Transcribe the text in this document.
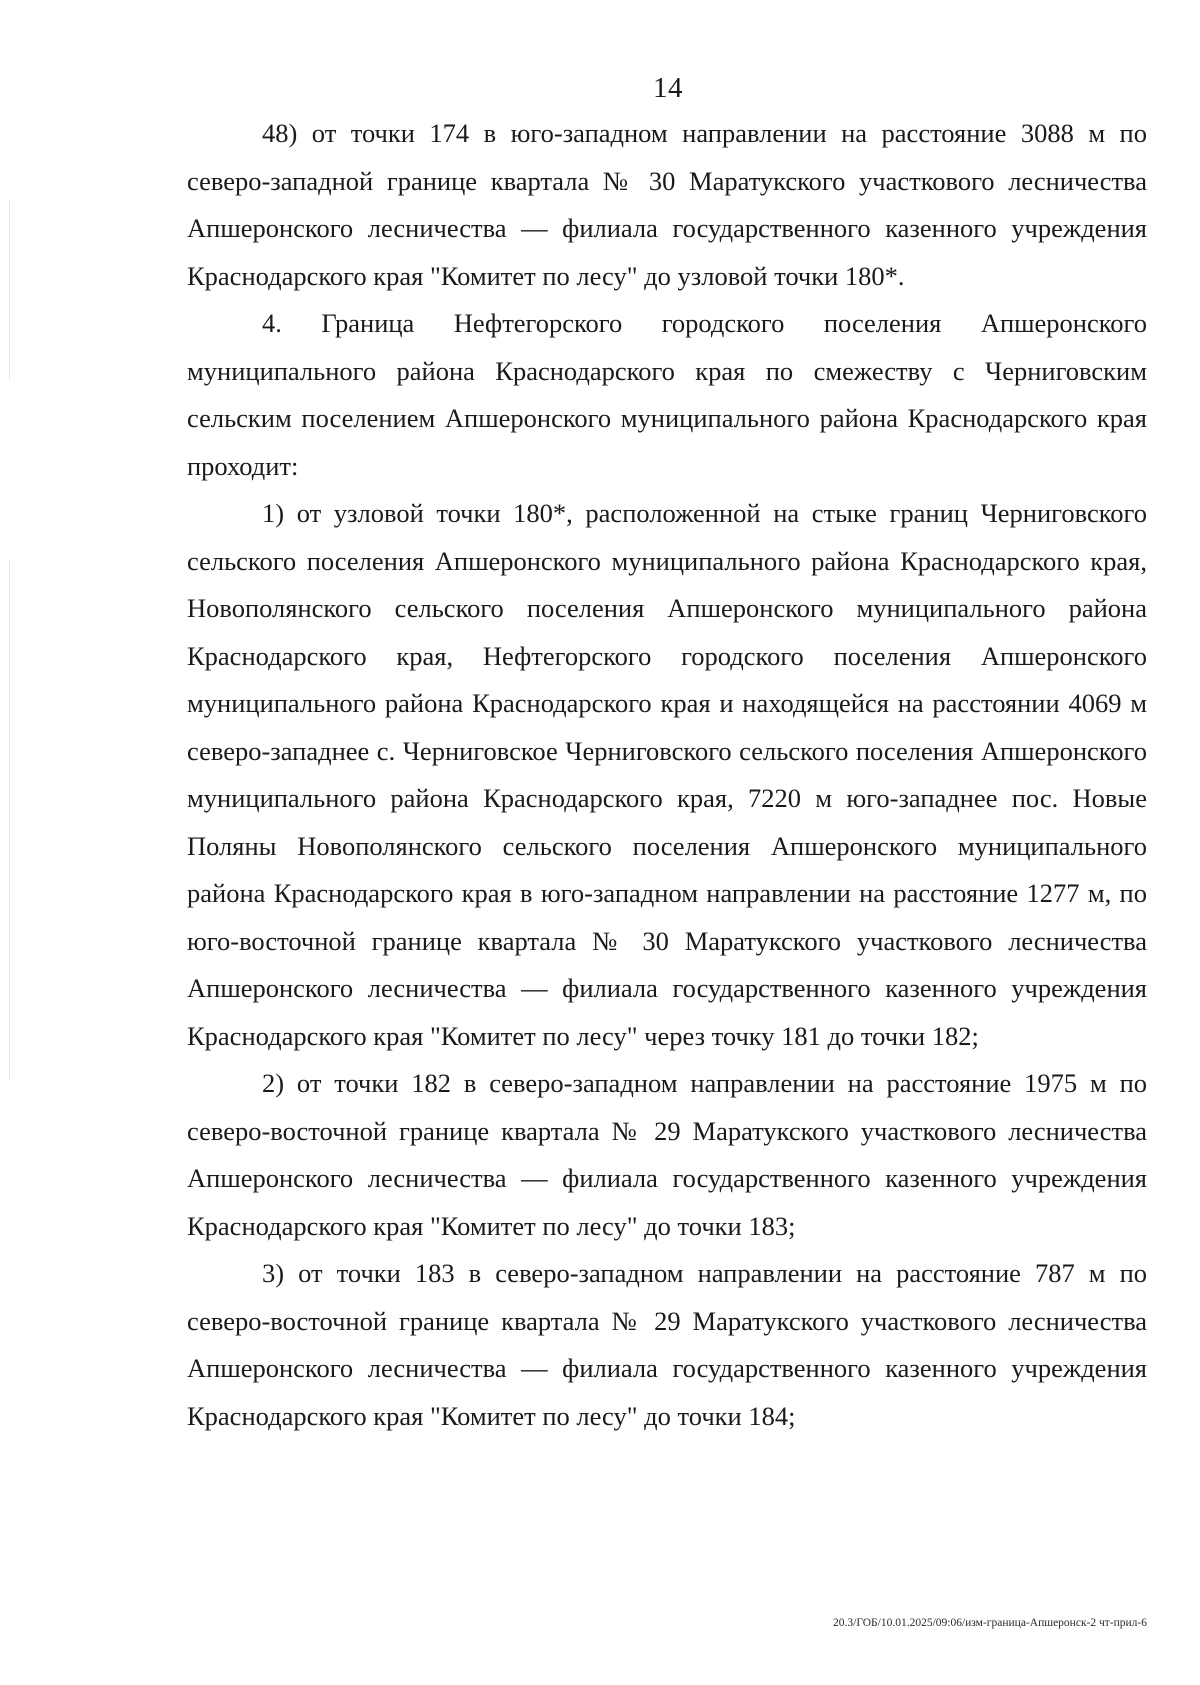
14

48) от точки 174 в юго-западном направлении на расстояние 3088 м по северо-западной границе квартала № 30 Маратукского участкового лесничества Апшеронского лесничества — филиала государственного казенного учреждения Краснодарского края "Комитет по лесу" до узловой точки 180*.

4. Граница Нефтегорского городского поселения Апшеронского муниципального района Краснодарского края по смежеству с Черниговским сельским поселением Апшеронского муниципального района Краснодарского края проходит:

1) от узловой точки 180*, расположенной на стыке границ Черниговского сельского поселения Апшеронского муниципального района Краснодарского края, Новополянского сельского поселения Апшеронского муниципального района Краснодарского края, Нефтегорского городского поселения Апшеронского муниципального района Краснодарского края и находящейся на расстоянии 4069 м северо-западнее с. Черниговское Черниговского сельского поселения Апшеронского муниципального района Краснодарского края, 7220 м юго-западнее пос. Новые Поляны Новополянского сельского поселения Апшеронского муниципального района Краснодарского края в юго-западном направлении на расстояние 1277 м, по юго-восточной границе квартала № 30 Маратукского участкового лесничества Апшеронского лесничества — филиала государственного казенного учреждения Краснодарского края "Комитет по лесу" через точку 181 до точки 182;

2) от точки 182 в северо-западном направлении на расстояние 1975 м по северо-восточной границе квартала № 29 Маратукского участкового лесничества Апшеронского лесничества — филиала государственного казенного учреждения Краснодарского края "Комитет по лесу" до точки 183;

3) от точки 183 в северо-западном направлении на расстояние 787 м по северо-восточной границе квартала № 29 Маратукского участкового лесничества Апшеронского лесничества — филиала государственного казенного учреждения Краснодарского края "Комитет по лесу" до точки 184;

20.3/ГОБ/10.01.2025/09:06/изм-граница-Апшеронск-2 чт-прил-6
